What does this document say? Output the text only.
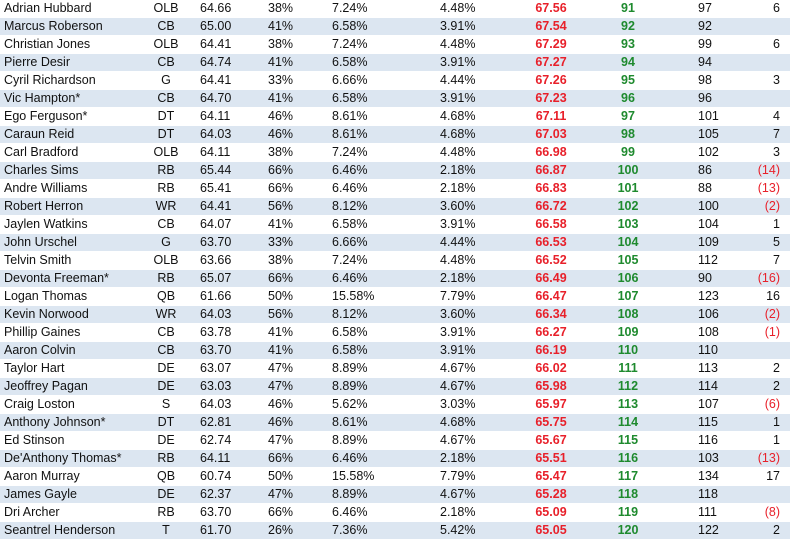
Adrian Hubbard	OLB	64.66	38%	7.24%	4.48%	67.56	91	97	6
Marcus Roberson	CB	65.00	41%	6.58%	3.91%	67.54	92	92	
Christian Jones	OLB	64.41	38%	7.24%	4.48%	67.29	93	99	6
Pierre Desir	CB	64.74	41%	6.58%	3.91%	67.27	94	94	
Cyril Richardson	G	64.41	33%	6.66%	4.44%	67.26	95	98	3
Vic Hampton*	CB	64.70	41%	6.58%	3.91%	67.23	96	96	
Ego Ferguson*	DT	64.11	46%	8.61%	4.68%	67.11	97	101	4
Caraun Reid	DT	64.03	46%	8.61%	4.68%	67.03	98	105	7
Carl Bradford	OLB	64.11	38%	7.24%	4.48%	66.98	99	102	3
Charles Sims	RB	65.44	66%	6.46%	2.18%	66.87	100	86	(14)
Andre Williams	RB	65.41	66%	6.46%	2.18%	66.83	101	88	(13)
Robert Herron	WR	64.41	56%	8.12%	3.60%	66.72	102	100	(2)
Jaylen Watkins	CB	64.07	41%	6.58%	3.91%	66.58	103	104	1
John Urschel	G	63.70	33%	6.66%	4.44%	66.53	104	109	5
Telvin Smith	OLB	63.66	38%	7.24%	4.48%	66.52	105	112	7
Devonta Freeman*	RB	65.07	66%	6.46%	2.18%	66.49	106	90	(16)
Logan Thomas	QB	61.66	50%	15.58%	7.79%	66.47	107	123	16
Kevin Norwood	WR	64.03	56%	8.12%	3.60%	66.34	108	106	(2)
Phillip Gaines	CB	63.78	41%	6.58%	3.91%	66.27	109	108	(1)
Aaron Colvin	CB	63.70	41%	6.58%	3.91%	66.19	110	110	
Taylor Hart	DE	63.07	47%	8.89%	4.67%	66.02	111	113	2
Jeoffrey Pagan	DE	63.03	47%	8.89%	4.67%	65.98	112	114	2
Craig Loston	S	64.03	46%	5.62%	3.03%	65.97	113	107	(6)
Anthony Johnson*	DT	62.81	46%	8.61%	4.68%	65.75	114	115	1
Ed Stinson	DE	62.74	47%	8.89%	4.67%	65.67	115	116	1
De'Anthony Thomas*	RB	64.11	66%	6.46%	2.18%	65.51	116	103	(13)
Aaron Murray	QB	60.74	50%	15.58%	7.79%	65.47	117	134	17
James Gayle	DE	62.37	47%	8.89%	4.67%	65.28	118	118	
Dri Archer	RB	63.70	66%	6.46%	2.18%	65.09	119	111	(8)
Seantrel Henderson	T	61.70	26%	7.36%	5.42%	65.05	120	122	2
